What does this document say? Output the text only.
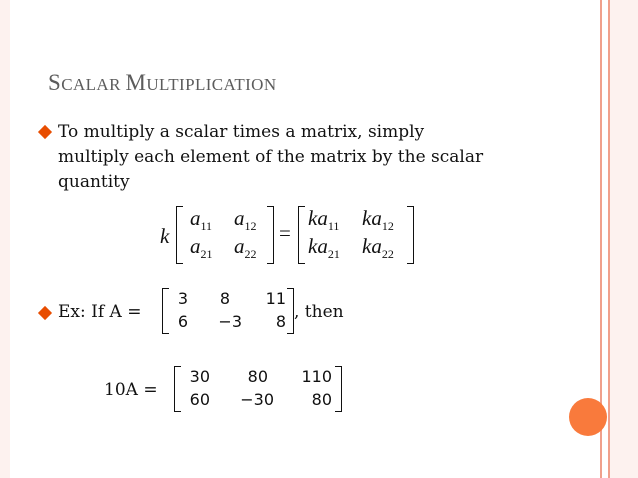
SCALAR MULTIPLICATION
To multiply a scalar times a matrix, simply
multiply each element of the matrix by the scalar
quantity
k
$a_{11}$ $a_{12}$
$a_{21}$ $a_{22}$
=
$ka_{11}$ $ka_{12}$
$ka_{21}$ $ka_{22}$
Ex: If A =
3	8	11
6	−3	8 , then
10A =
30	80	110
60	−30	80
